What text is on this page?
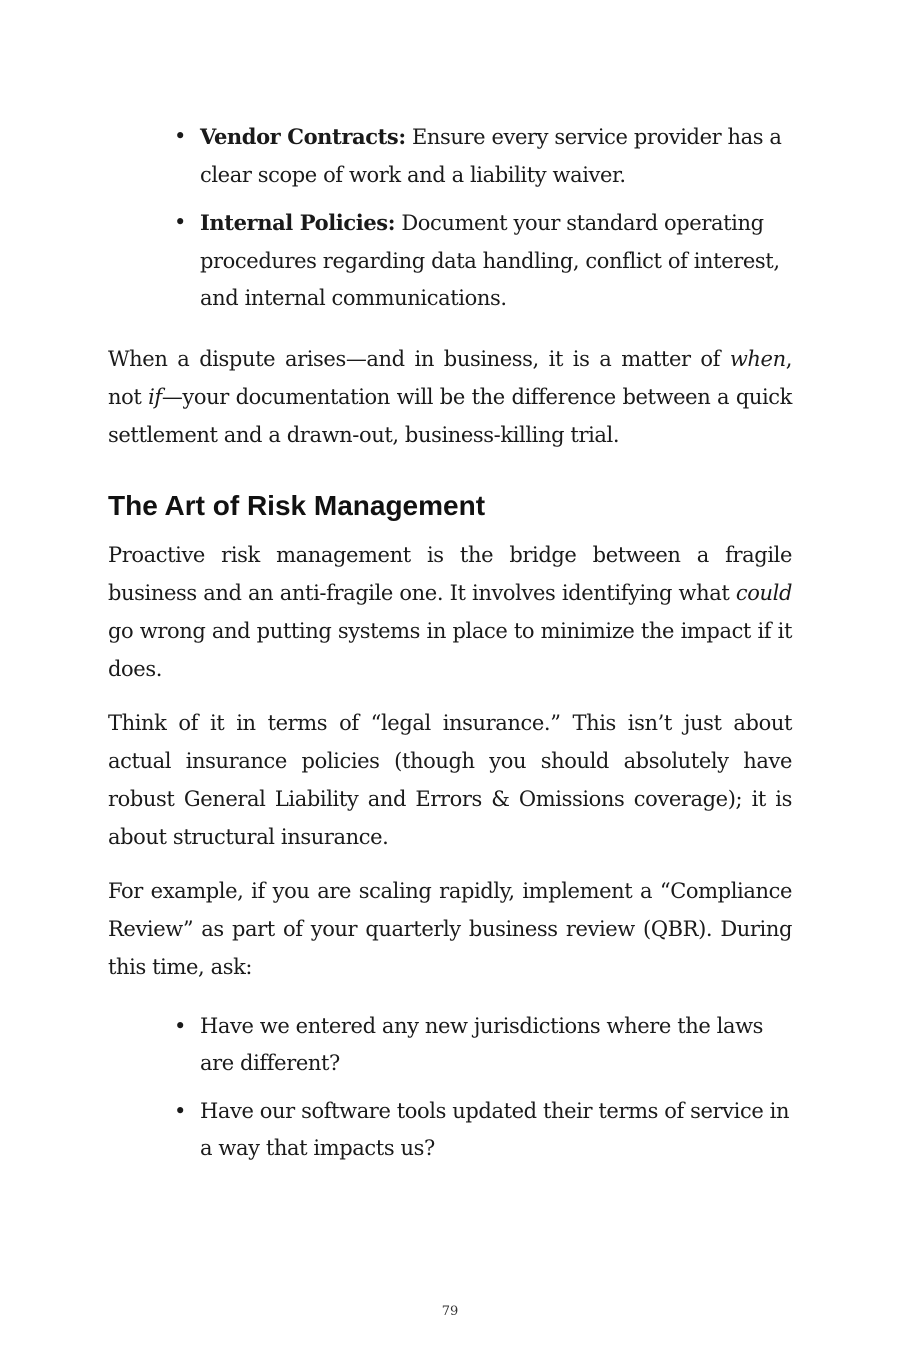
• Vendor Contracts: Ensure every service provider has a clear scope of work and a liability waiver.
• Internal Policies: Document your standard operating procedures regarding data handling, conflict of interest, and internal communications.

When a dispute arises—and in business, it is a matter of when, not if—your documentation will be the difference between a quick settlement and a drawn-out, business-killing trial.

The Art of Risk Management

Proactive risk management is the bridge between a fragile business and an anti-fragile one. It involves identifying what could go wrong and putting systems in place to minimize the impact if it does.

Think of it in terms of “legal insurance.” This isn’t just about actual insurance policies (though you should absolutely have robust General Liability and Errors & Omissions coverage); it is about structural insurance.

For example, if you are scaling rapidly, implement a “Compliance Review” as part of your quarterly business review (QBR). During this time, ask:

• Have we entered any new jurisdictions where the laws are different?
• Have our software tools updated their terms of service in a way that impacts us?
79
